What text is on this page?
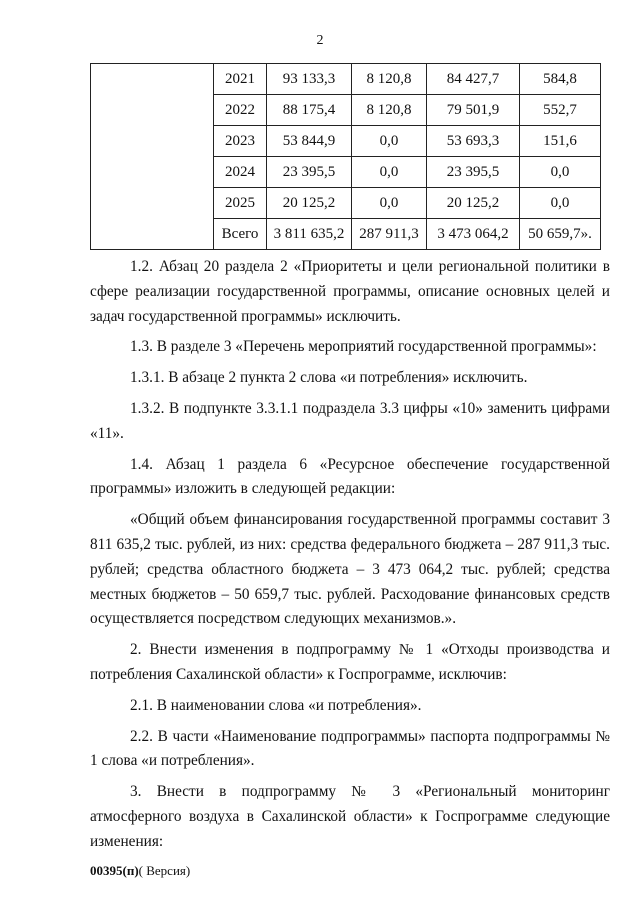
2
	2021	93 133,3	8 120,8	84 427,7	584,8
	2022	88 175,4	8 120,8	79 501,9	552,7
	2023	53 844,9	0,0	53 693,3	151,6
	2024	23 395,5	0,0	23 395,5	0,0
	2025	20 125,2	0,0	20 125,2	0,0
	Всего	3 811 635,2	287 911,3	3 473 064,2	50 659,7».

1.2. Абзац 20 раздела 2 «Приоритеты и цели региональной политики в сфере реализации государственной программы, описание основных целей и задач государственной программы» исключить.

1.3. В разделе 3 «Перечень мероприятий государственной программы»:

1.3.1. В абзаце 2 пункта 2 слова «и потребления» исключить.

1.3.2. В подпункте 3.3.1.1 подраздела 3.3 цифры «10» заменить цифрами «11».

1.4. Абзац 1 раздела 6 «Ресурсное обеспечение государственной программы» изложить в следующей редакции:

«Общий объем финансирования государственной программы составит 3 811 635,2 тыс. рублей, из них: средства федерального бюджета – 287 911,3 тыс. рублей; средства областного бюджета – 3 473 064,2 тыс. рублей; средства местных бюджетов – 50 659,7 тыс. рублей. Расходование финансовых средств осуществляется посредством следующих механизмов.».

2. Внести изменения в подпрограмму № 1 «Отходы производства и потребления Сахалинской области» к Госпрограмме, исключив:

2.1. В наименовании слова «и потребления».

2.2. В части «Наименование подпрограммы» паспорта подпрограммы № 1 слова «и потребления».

3. Внести в подпрограмму № 3 «Региональный мониторинг атмосферного воздуха в Сахалинской области» к Госпрограмме следующие изменения:

00395(п)( Версия)
